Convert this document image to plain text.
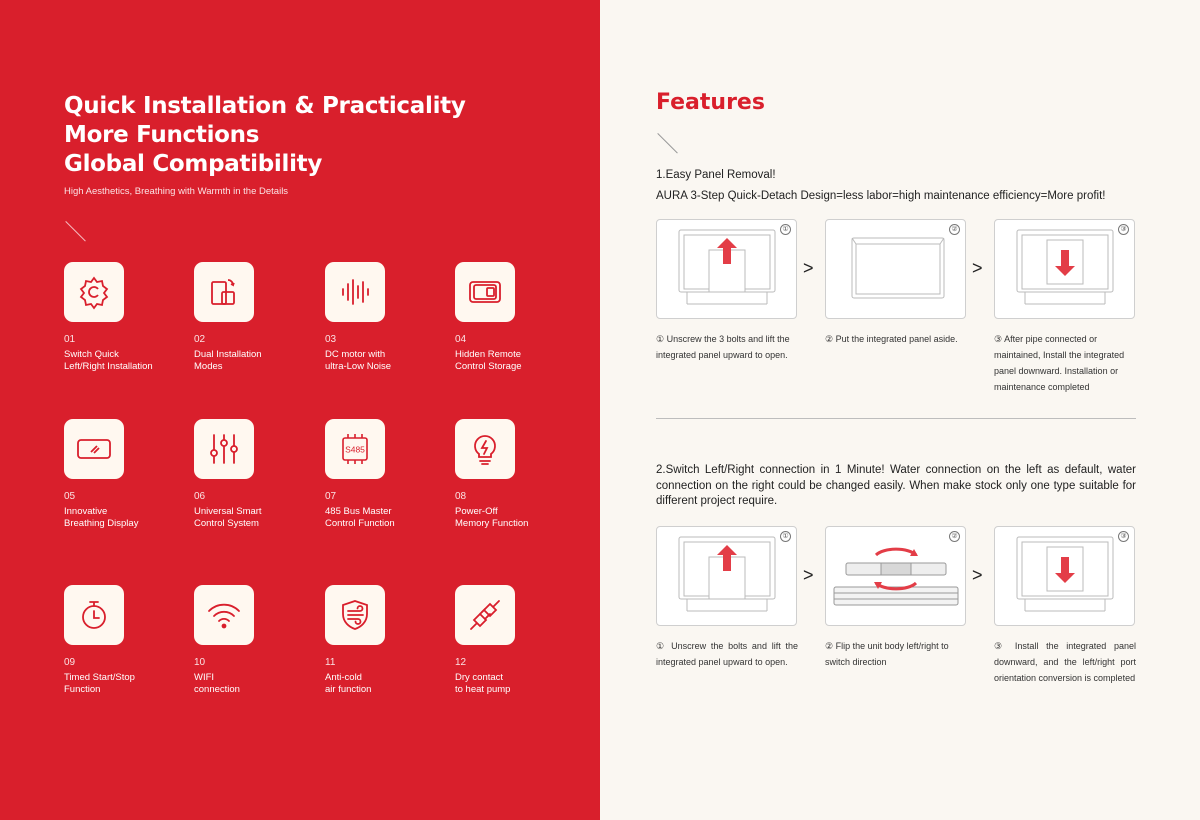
Quick Installation & Practicality
More Functions
Global Compatibility
High Aesthetics, Breathing with Warmth in the Details
01
Switch Quick
Left/Right Installation
02
Dual Installation
Modes
03
DC motor with
ultra-Low Noise
04
Hidden Remote
Control Storage
05
Innovative
Breathing Display
06
Universal Smart
Control System
S485
07
485 Bus Master
Control Function
08
Power-Off
Memory Function
09
Timed Start/Stop
Function
10
WIFI
connection
11
Anti-cold
air function
12
Dry contact
to heat pump
Features
1.Easy Panel Removal!
AURA 3-Step Quick-Detach Design=less labor=high maintenance efficiency=More profit!
①
>
②
>
③
① Unscrew the 3 bolts and lift the integrated panel upward to open.
② Put the integrated panel aside.	③ After pipe connected or maintained, Install the integrated panel downward. Installation or maintenance completed
2.Switch Left/Right connection in 1 Minute! Water connection on the left as default, water connection on the right could be changed easily. When make stock only one type suitable for different project require.
①
>
②
>
③
① Unscrew the bolts and lift the integrated panel upward to open.
② Flip the unit body left/right to switch direction
③ Install the integrated panel downward, and the left/right port orientation conversion is completed
